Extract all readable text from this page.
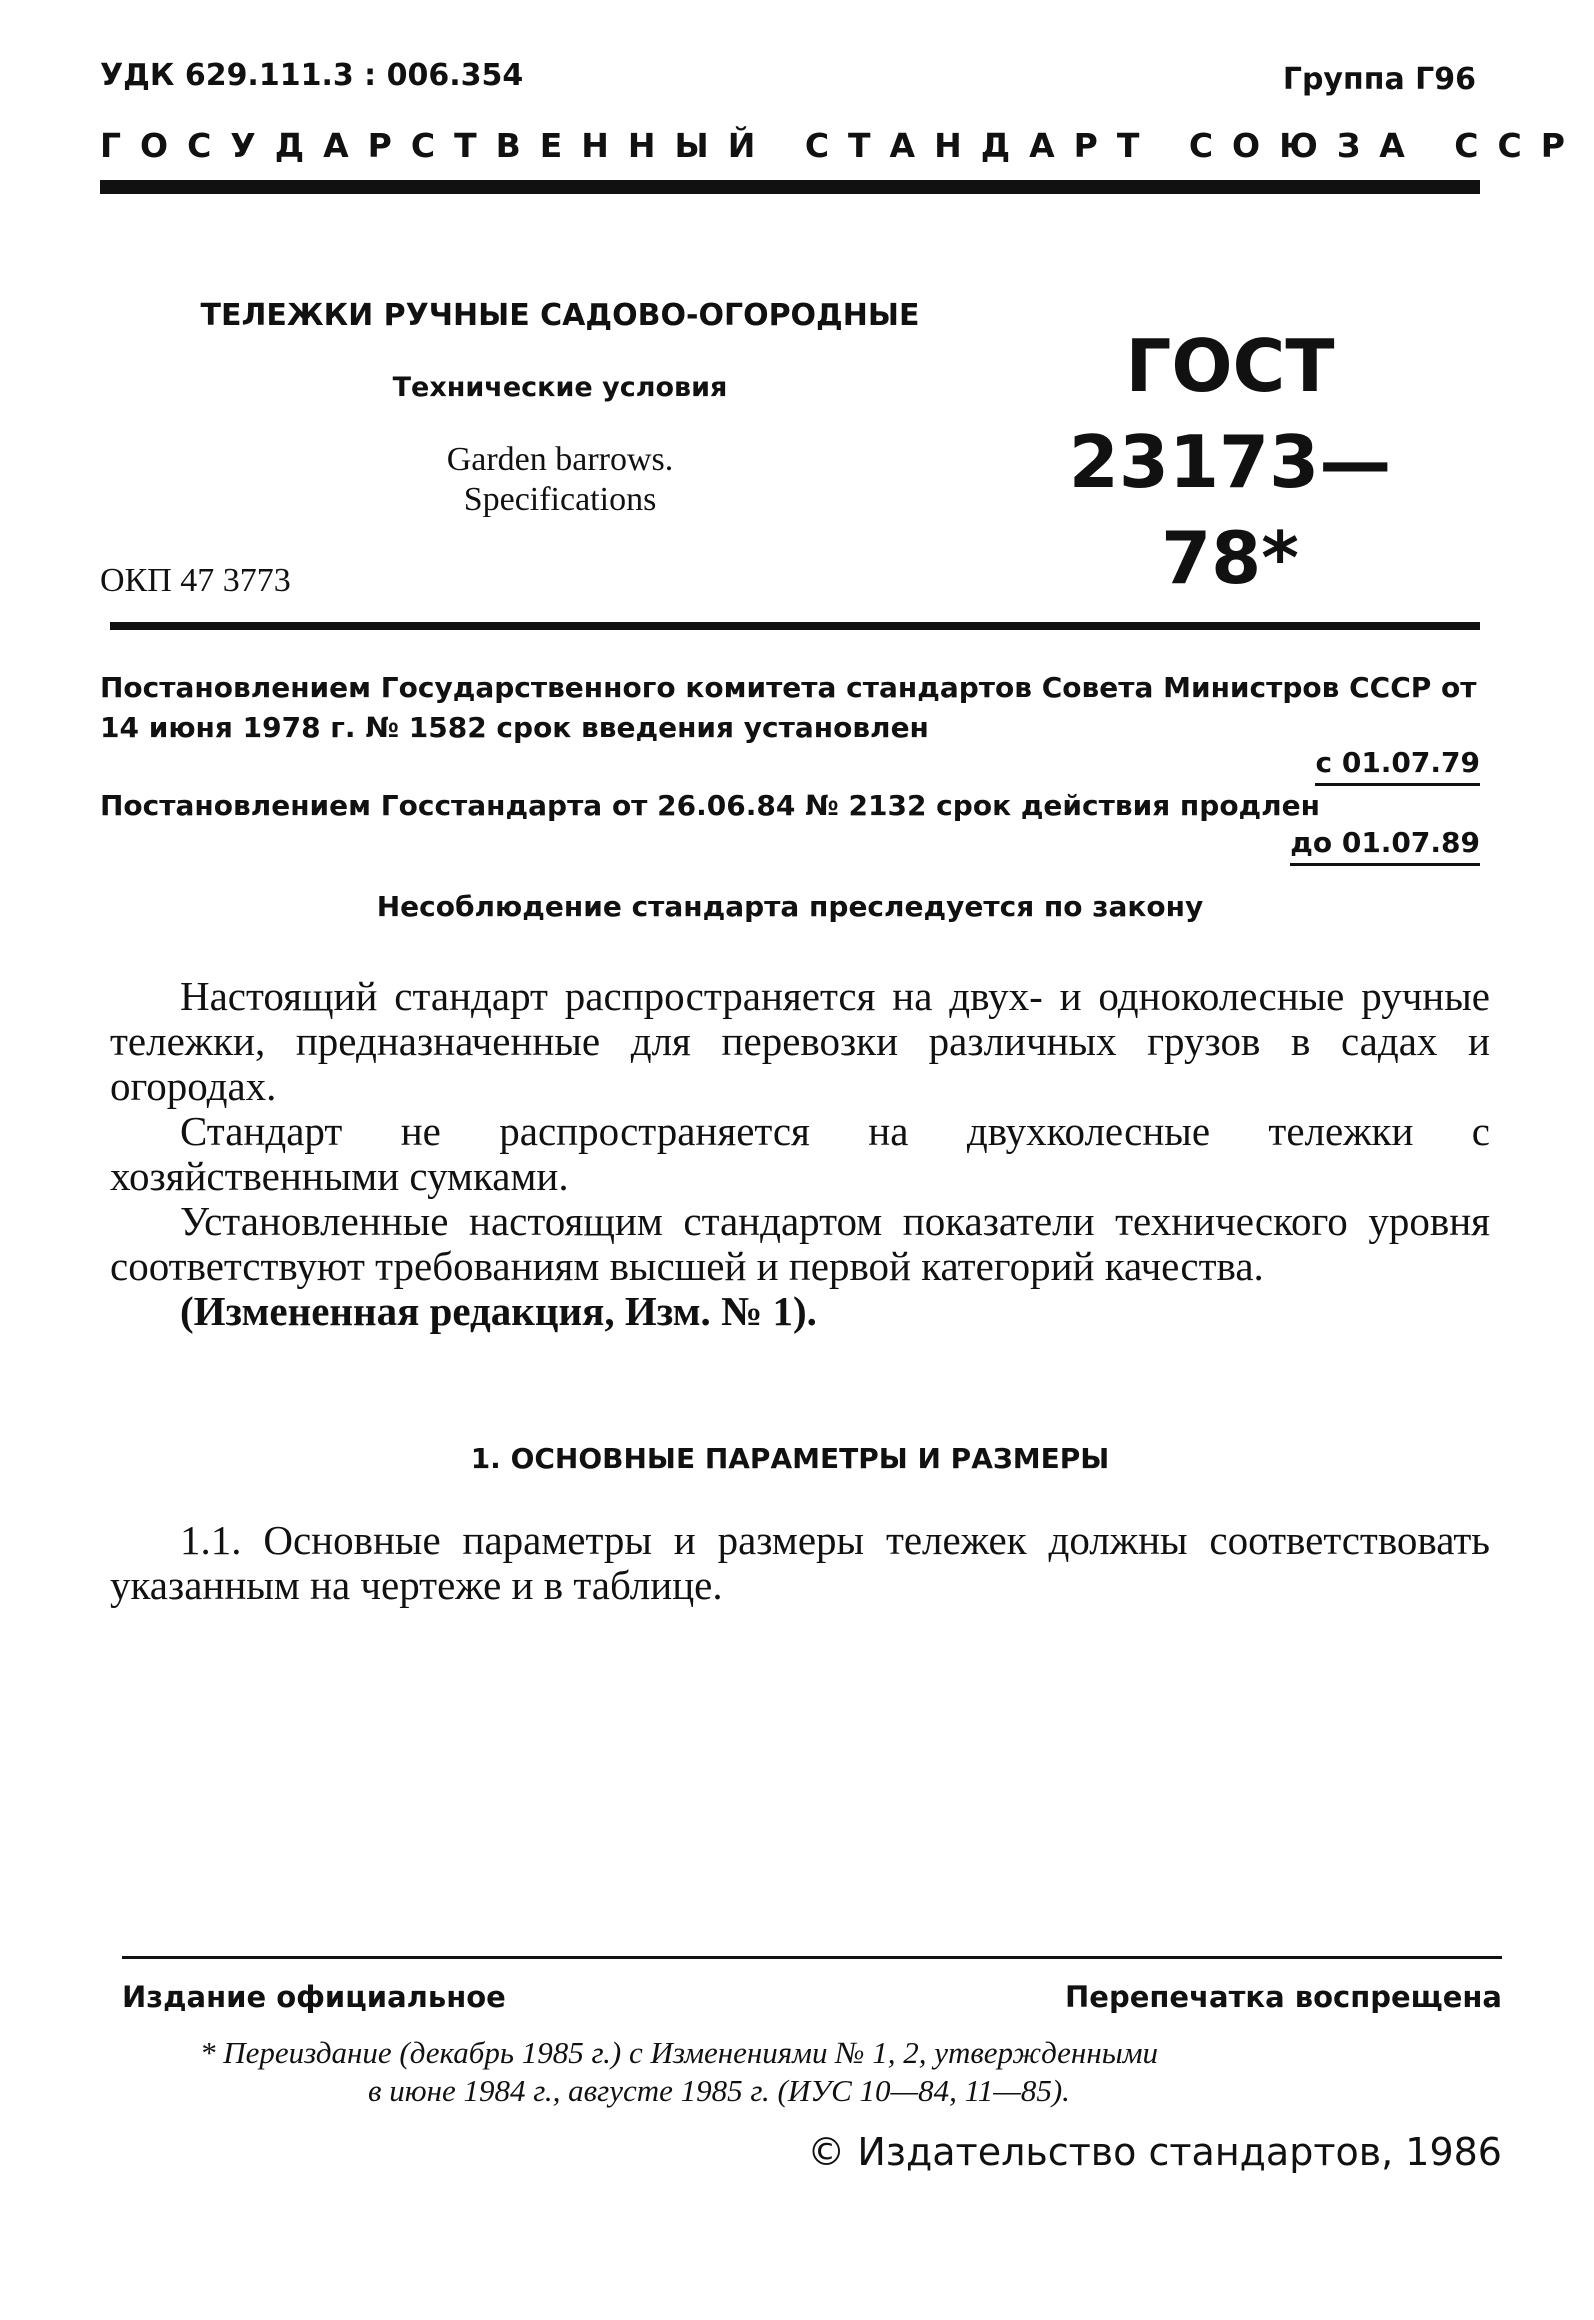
УДК 629.111.3 : 006.354	Группа Г96
ГОСУДАРСТВЕННЫЙ СТАНДАРТ СОЮЗА ССР
ТЕЛЕЖКИ РУЧНЫЕ САДОВО-ОГОРОДНЫЕ
Технические условия
Garden barrows.
Specifications
ГОСТ
23173—78*
ОКП 47 3773
Постановлением Государственного комитета стандартов Совета Министров СССР от 14 июня 1978 г. № 1582 срок введения установлен
с 01.07.79
Постановлением Госстандарта от 26.06.84 № 2132 срок действия продлен
до 01.07.89
Несоблюдение стандарта преследуется по закону

Настоящий стандарт распространяется на двух- и одноколесные ручные тележки, предназначенные для перевозки различных грузов в садах и огородах.

Стандарт не распространяется на двухколесные тележки с хозяйственными сумками.

Установленные настоящим стандартом показатели технического уровня соответствуют требованиям высшей и первой категорий качества.

(Измененная редакция, Изм. № 1).

1. ОСНОВНЫЕ ПАРАМЕТРЫ И РАЗМЕРЫ

1.1. Основные параметры и размеры тележек должны соответствовать указанным на чертеже и в таблице.

Издание официальное	Перепечатка воспрещена
* Переиздание (декабрь 1985 г.) с Изменениями № 1, 2, утвержденными
в июне 1984 г., августе 1985 г. (ИУС 10—84, 11—85).
© Издательство стандартов, 1986
